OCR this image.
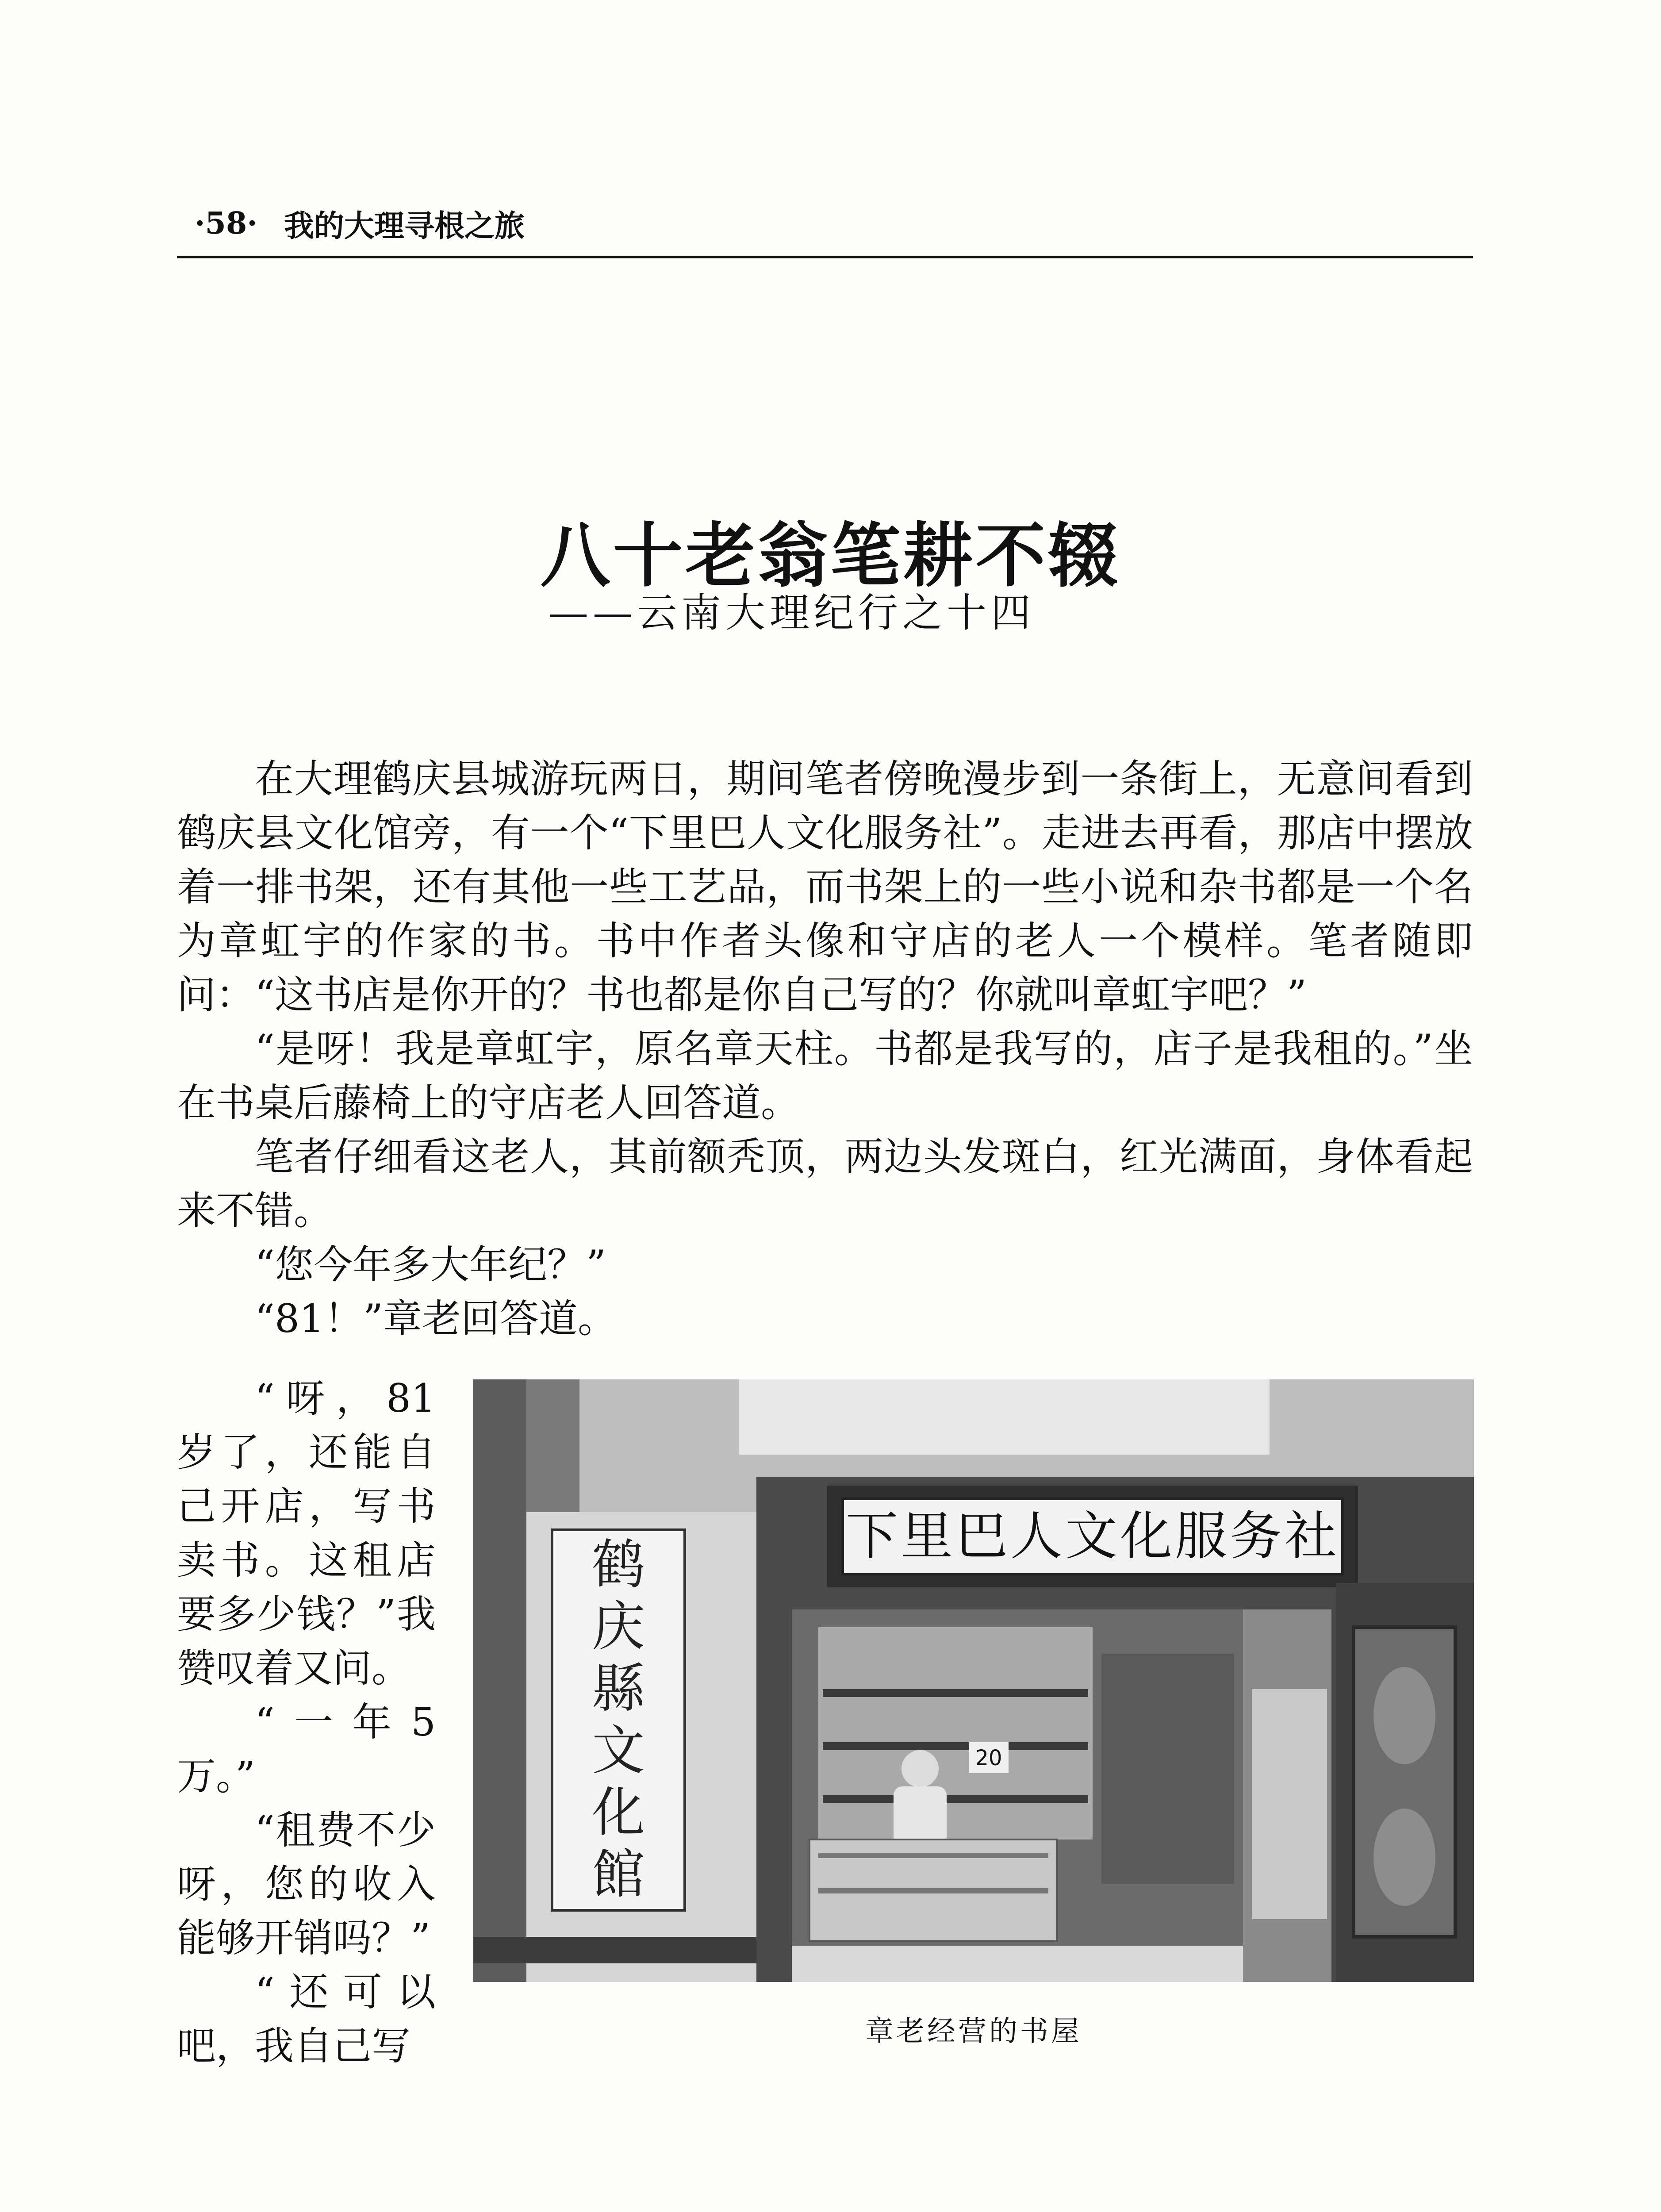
·58· 我的大理寻根之旅
八十老翁笔耕不辍
——云南大理纪行之十四

在大理鹤庆县城游玩两日，期间笔者傍晚漫步到一条街上，无意间看到鹤庆县文化馆旁，有一个“下里巴人文化服务社”。走进去再看，那店中摆放着一排书架，还有其他一些工艺品，而书架上的一些小说和杂书都是一个名为章虹宇的作家的书。书中作者头像和守店的老人一个模样。笔者随即问：“这书店是你开的？书也都是你自己写的？你就叫章虹宇吧？”

“是呀！我是章虹宇，原名章天柱。书都是我写的，店子是我租的。”坐在书桌后藤椅上的守店老人回答道。

笔者仔细看这老人，其前额秃顶，两边头发斑白，红光满面，身体看起来不错。

“您今年多大年纪？”

“81！”章老回答道。

“呀，81岁了，还能自己开店，写书卖书。这租店要多少钱？”我赞叹着又问。

“一年5万。”

“租费不少呀，您的收入能够开销吗？”

“还可以吧，我自己写

鹤
庆
縣
文
化
館
下里巴人文化服务社
20
章老经营的书屋
